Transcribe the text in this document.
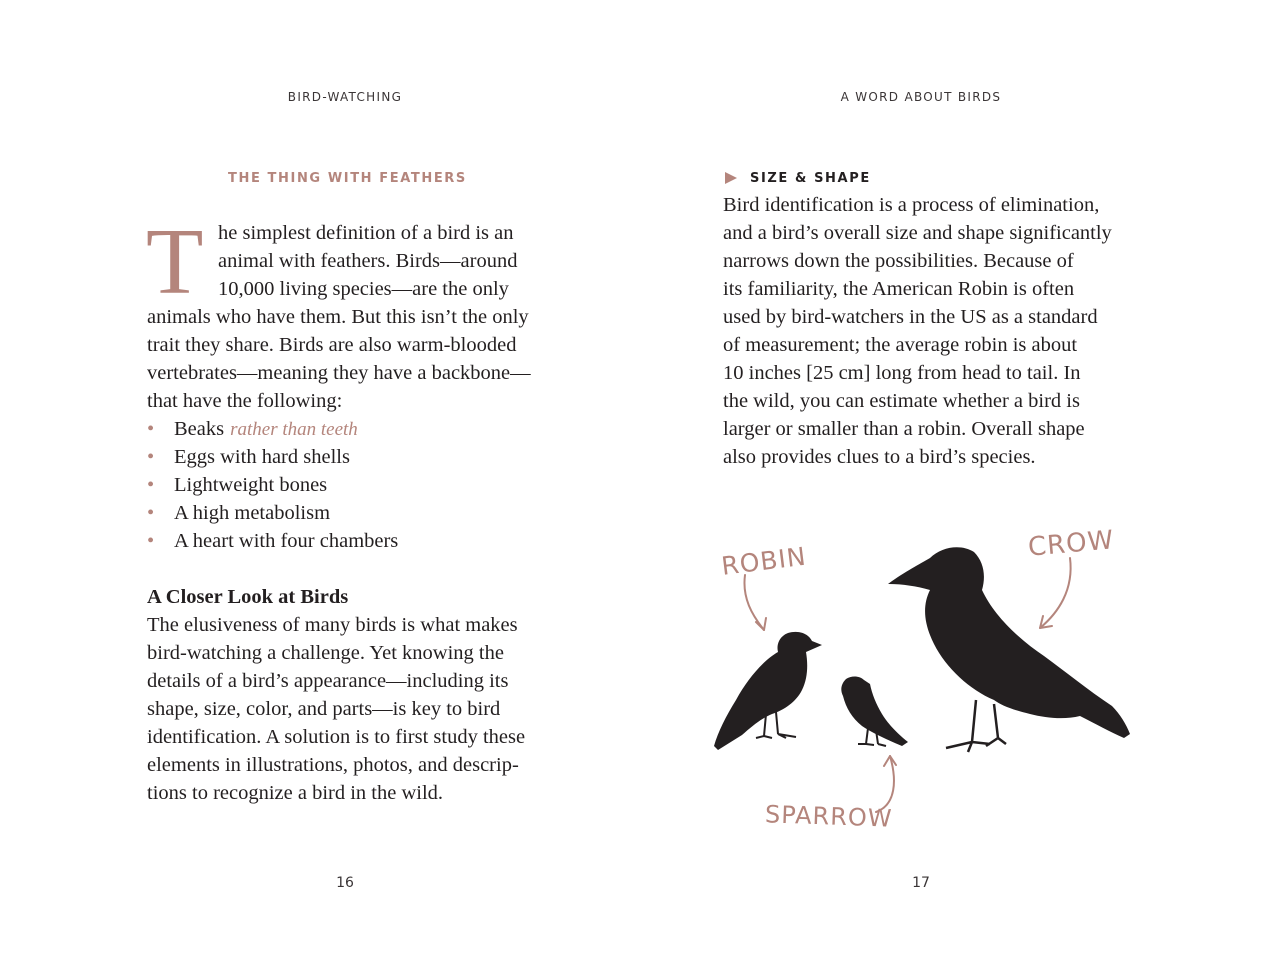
BIRD-WATCHING
THE THING WITH FEATHERS
T he simplest definition of a bird is an
animal with feathers. Birds—around
10,000 living species—are the only
animals who have them. But this isn’t the only
trait they share. Birds are also warm-blooded
vertebrates—meaning they have a backbone—
that have the following:
• Beaks rather than teeth
• Eggs with hard shells
• Lightweight bones
• A high metabolism
• A heart with four chambers
A Closer Look at Birds
The elusiveness of many birds is what makes
bird-watching a challenge. Yet knowing the
details of a bird’s appearance—including its
shape, size, color, and parts—is key to bird
identification. A solution is to first study these
elements in illustrations, photos, and descrip-
tions to recognize a bird in the wild.
16
A WORD ABOUT BIRDS
SIZE & SHAPE
Bird identification is a process of elimination,
and a bird’s overall size and shape significantly
narrows down the possibilities. Because of
its familiarity, the American Robin is often
used by bird-watchers in the US as a standard
of measurement; the average robin is about
10 inches [25 cm] long from head to tail. In
the wild, you can estimate whether a bird is
larger or smaller than a robin. Overall shape
also provides clues to a bird’s species.
ROBIN	CROW
SPARROW
17
